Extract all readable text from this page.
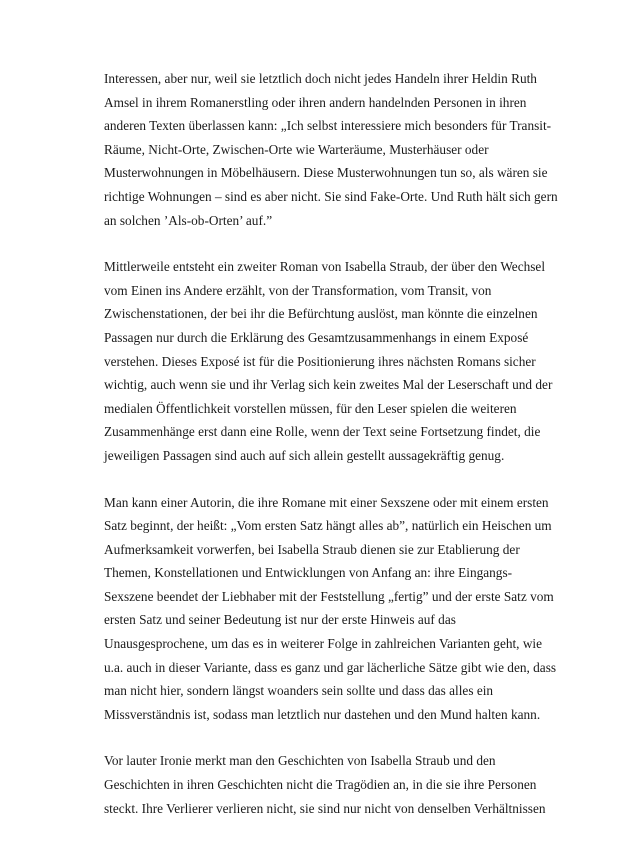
Interessen, aber nur, weil sie letztlich doch nicht jedes Handeln ihrer Heldin Ruth
Amsel in ihrem Romanerstling oder ihren andern handelnden Personen in ihren
anderen Texten überlassen kann: „Ich selbst interessiere mich besonders für Transit-
Räume, Nicht-Orte, Zwischen-Orte wie Warteräume, Musterhäuser oder
Musterwohnungen in Möbelhäusern. Diese Musterwohnungen tun so, als wären sie
richtige Wohnungen – sind es aber nicht. Sie sind Fake-Orte. Und Ruth hält sich gern
an solchen ’Als-ob-Orten’ auf.”
Mittlerweile entsteht ein zweiter Roman von Isabella Straub, der über den Wechsel
vom Einen ins Andere erzählt, von der Transformation, vom Transit, von
Zwischenstationen, der bei ihr die Befürchtung auslöst, man könnte die einzelnen
Passagen nur durch die Erklärung des Gesamtzusammenhangs in einem Exposé
verstehen. Dieses Exposé ist für die Positionierung ihres nächsten Romans sicher
wichtig, auch wenn sie und ihr Verlag sich kein zweites Mal der Leserschaft und der
medialen Öffentlichkeit vorstellen müssen, für den Leser spielen die weiteren
Zusammenhänge erst dann eine Rolle, wenn der Text seine Fortsetzung findet, die
jeweiligen Passagen sind auch auf sich allein gestellt aussagekräftig genug.
Man kann einer Autorin, die ihre Romane mit einer Sexszene oder mit einem ersten
Satz beginnt, der heißt: „Vom ersten Satz hängt alles ab”, natürlich ein Heischen um
Aufmerksamkeit vorwerfen, bei Isabella Straub dienen sie zur Etablierung der
Themen, Konstellationen und Entwicklungen von Anfang an: ihre Eingangs-
Sexszene beendet der Liebhaber mit der Feststellung „fertig” und der erste Satz vom
ersten Satz und seiner Bedeutung ist nur der erste Hinweis auf das
Unausgesprochene, um das es in weiterer Folge in zahlreichen Varianten geht, wie
u.a. auch in dieser Variante, dass es ganz und gar lächerliche Sätze gibt wie den, dass
man nicht hier, sondern längst woanders sein sollte und dass das alles ein
Missverständnis ist, sodass man letztlich nur dastehen und den Mund halten kann.
Vor lauter Ironie merkt man den Geschichten von Isabella Straub und den
Geschichten in ihren Geschichten nicht die Tragödien an, in die sie ihre Personen
steckt. Ihre Verlierer verlieren nicht, sie sind nur nicht von denselben Verhältnissen
